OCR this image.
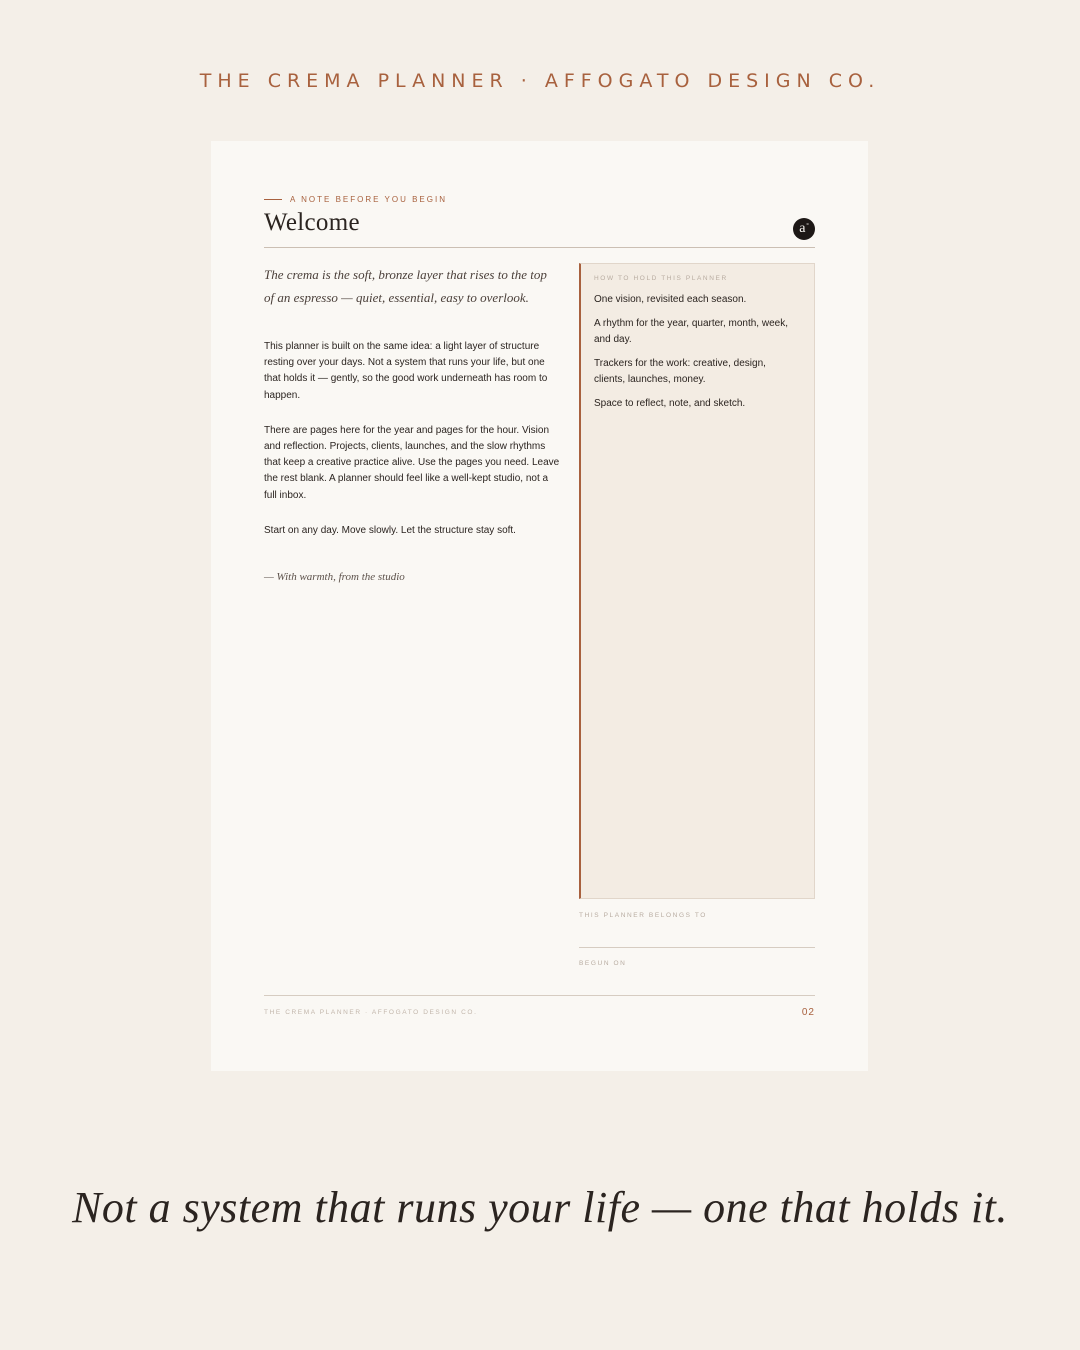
THE CREMA PLANNER · AFFOGATO DESIGN CO.
A NOTE BEFORE YOU BEGIN
Welcome	a°

The crema is the soft, bronze layer that rises to the top of an espresso — quiet, essential, easy to overlook.

This planner is built on the same idea: a light layer of structure resting over your days. Not a system that runs your life, but one that holds it — gently, so the good work underneath has room to happen.

There are pages here for the year and pages for the hour. Vision and reflection. Projects, clients, launches, and the slow rhythms that keep a creative practice alive. Use the pages you need. Leave the rest blank. A planner should feel like a well-kept studio, not a full inbox.

Start on any day. Move slowly. Let the structure stay soft.

— With warmth, from the studio
HOW TO HOLD THIS PLANNER
One vision, revisited each season.
A rhythm for the year, quarter, month, week, and day.
Trackers for the work: creative, design, clients, launches, money.
Space to reflect, note, and sketch.
THIS PLANNER BELONGS TO
BEGUN ON
THE CREMA PLANNER · AFFOGATO DESIGN CO.	02
Not a system that runs your life — one that holds it.
